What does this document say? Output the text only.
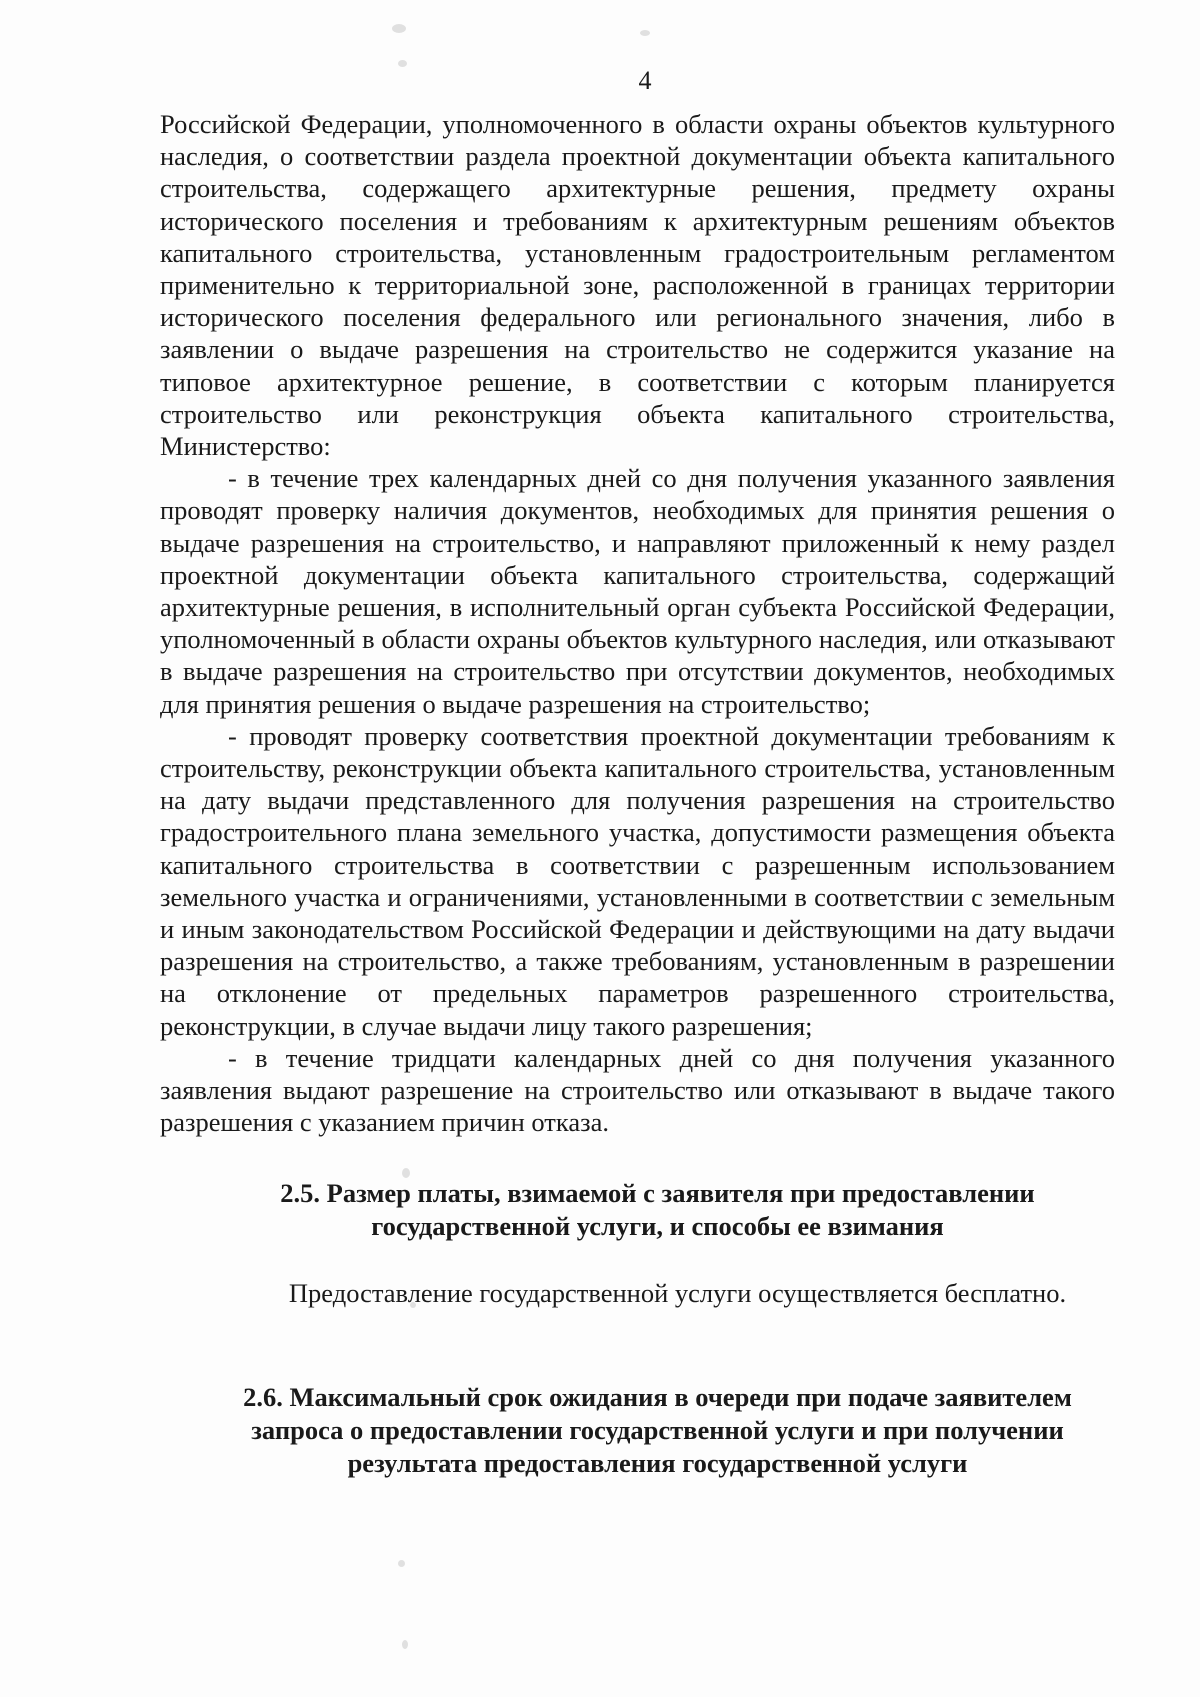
4

Российской Федерации, уполномоченного в области охраны объектов культурного наследия, о соответствии раздела проектной документации объекта капитального строительства, содержащего архитектурные решения, предмету охраны исторического поселения и требованиям к архитектурным решениям объектов капитального строительства, установленным градостроительным регламентом применительно к территориальной зоне, расположенной в границах территории исторического поселения федерального или регионального значения, либо в заявлении о выдаче разрешения на строительство не содержится указание на типовое архитектурное решение, в соответствии с которым планируется строительство или реконструкция объекта капитального строительства, Министерство:

- в течение трех календарных дней со дня получения указанного заявления проводят проверку наличия документов, необходимых для принятия решения о выдаче разрешения на строительство, и направляют приложенный к нему раздел проектной документации объекта капитального строительства, содержащий архитектурные решения, в исполнительный орган субъекта Российской Федерации, уполномоченный в области охраны объектов культурного наследия, или отказывают в выдаче разрешения на строительство при отсутствии документов, необходимых для принятия решения о выдаче разрешения на строительство;

- проводят проверку соответствия проектной документации требованиям к строительству, реконструкции объекта капитального строительства, установленным на дату выдачи представленного для получения разрешения на строительство градостроительного плана земельного участка, допустимости размещения объекта капитального строительства в соответствии с разрешенным использованием земельного участка и ограничениями, установленными в соответствии с земельным и иным законодательством Российской Федерации и действующими на дату выдачи разрешения на строительство, а также требованиям, установленным в разрешении на отклонение от предельных параметров разрешенного строительства, реконструкции, в случае выдачи лицу такого разрешения;

- в течение тридцати календарных дней со дня получения указанного заявления выдают разрешение на строительство или отказывают в выдаче такого разрешения с указанием причин отказа.

2.5. Размер платы, взимаемой с заявителя при предоставлении
государственной услуги, и способы ее взимания

Предоставление государственной услуги осуществляется бесплатно.

2.6. Максимальный срок ожидания в очереди при подаче заявителем
запроса о предоставлении государственной услуги и при получении
результата предоставления государственной услуги
